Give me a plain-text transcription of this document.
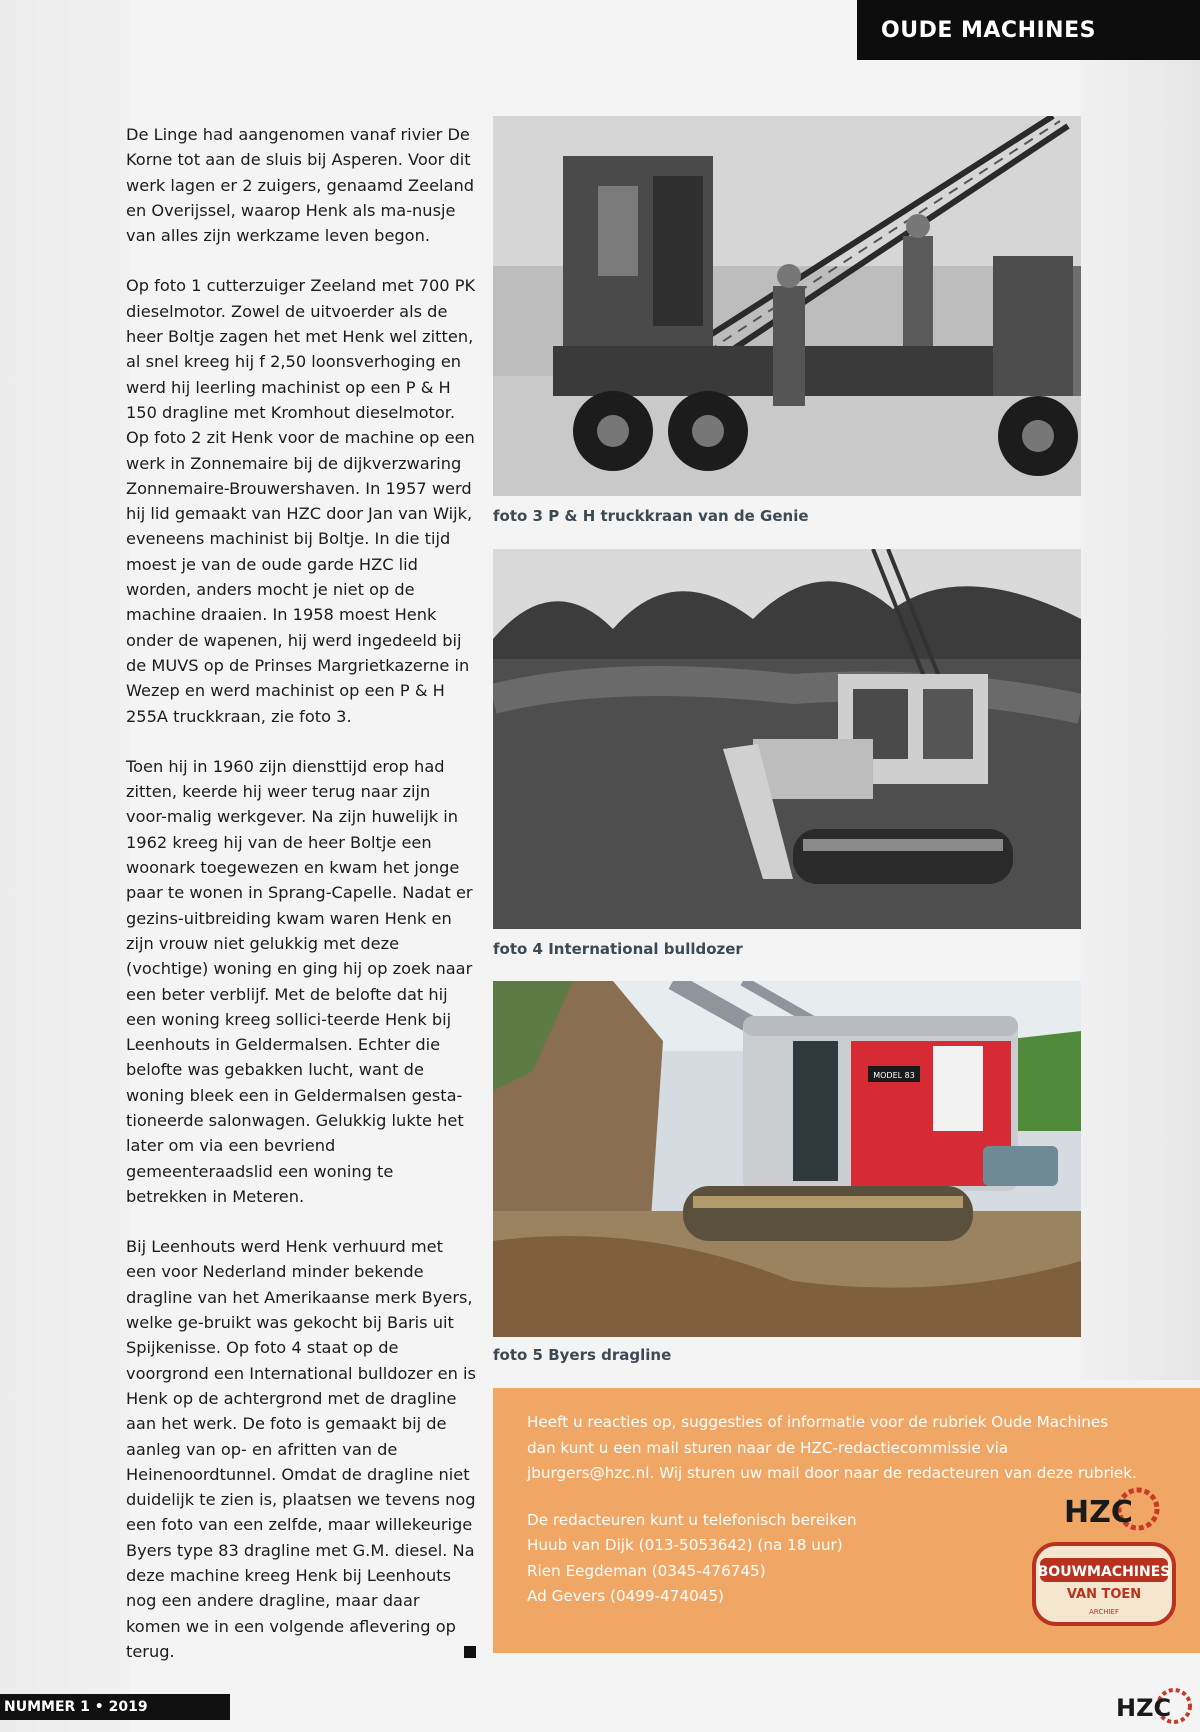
OUDE MACHINES

De Linge had aangenomen vanaf rivier De Korne tot aan de sluis bij Asperen. Voor dit werk lagen er 2 zuigers, genaamd Zeeland en Overijssel, waarop Henk als ma-nusje van alles zijn werkzame leven begon.

Op foto 1 cutterzuiger Zeeland met 700 PK dieselmotor. Zowel de uitvoerder als de heer Boltje zagen het met Henk wel zitten, al snel kreeg hij f 2,50 loonsverhoging en werd hij leerling machinist op een P & H 150 dragline met Kromhout dieselmotor.

Op foto 2 zit Henk voor de machine op een werk in Zonnemaire bij de dijkverzwaring Zonnemaire-Brouwershaven. In 1957 werd hij lid gemaakt van HZC door Jan van Wijk, eveneens machinist bij Boltje. In die tijd moest je van de oude garde HZC lid worden, anders mocht je niet op de machine draaien. In 1958 moest Henk onder de wapenen, hij werd ingedeeld bij de MUVS op de Prinses Margrietkazerne in Wezep en werd machinist op een P & H 255A truckkraan, zie foto 3.

Toen hij in 1960 zijn diensttijd erop had zitten, keerde hij weer terug naar zijn voor-malig werkgever. Na zijn huwelijk in 1962 kreeg hij van de heer Boltje een woonark toegewezen en kwam het jonge paar te wonen in Sprang-Capelle. Nadat er gezins-uitbreiding kwam waren Henk en zijn vrouw niet gelukkig met deze (vochtige) woning en ging hij op zoek naar een beter verblijf. Met de belofte dat hij een woning kreeg sollici-teerde Henk bij Leenhouts in Geldermalsen. Echter die belofte was gebakken lucht, want de woning bleek een in Geldermalsen gesta-tioneerde salonwagen. Gelukkig lukte het later om via een bevriend gemeenteraadslid een woning te betrekken in Meteren.

Bij Leenhouts werd Henk verhuurd met een voor Nederland minder bekende dragline van het Amerikaanse merk Byers, welke ge-bruikt was gekocht bij Baris uit Spijkenisse. Op foto 4 staat op de voorgrond een International bulldozer en is Henk op de achtergrond met de dragline aan het werk. De foto is gemaakt bij de aanleg van op- en afritten van de Heinenoordtunnel. Omdat de dragline niet duidelijk te zien is, plaatsen we tevens nog een foto van een zelfde, maar willekeurige Byers type 83 dragline met G.M. diesel. Na deze machine kreeg Henk bij Leenhouts nog een andere dragline, maar daar komen we in een volgende aflevering op terug.

foto 3 P & H truckkraan van de Genie
foto 4 International bulldozer
MODEL 83
foto 5 Byers dragline

Heeft u reacties op, suggesties of informatie voor de rubriek Oude Machines dan kunt u een mail sturen naar de HZC-redactiecommissie via jburgers@hzc.nl. Wij sturen uw mail door naar de redacteuren van deze rubriek.

De redacteuren kunt u telefonisch bereiken
Huub van Dijk (013-5053642) (na 18 uur)
Rien Eegdeman (0345-476745)
Ad Gevers (0499-474045)
HZC
BOUWMACHINES
VAN TOEN
ARCHIEF
NUMMER 1 • 2019	HZC
